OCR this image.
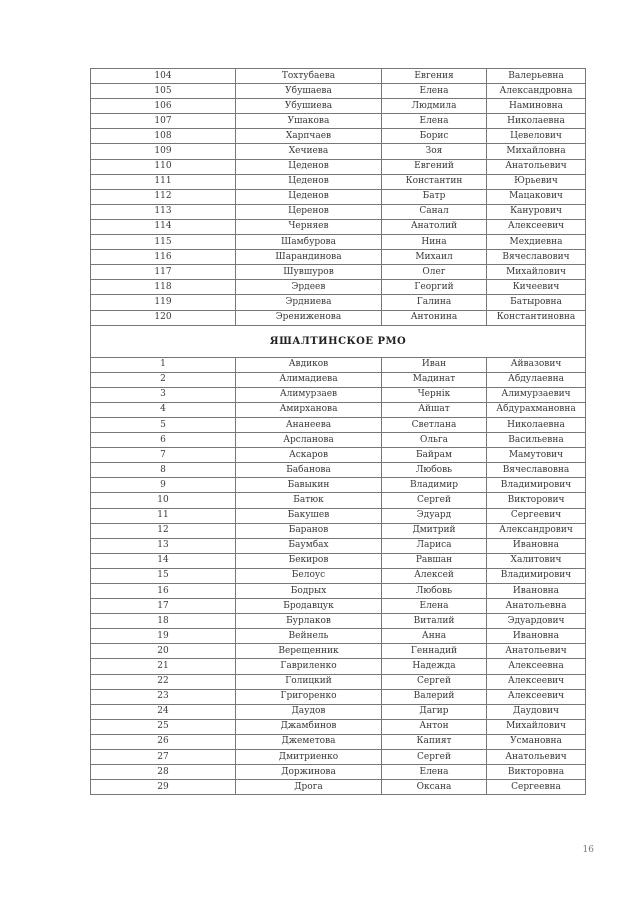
104	Тохтубаева	Евгения	Валерьевна
105	Убушаева	Елена	Александровна
106	Убушиева	Людмила	Наминовна
107	Ушакова	Елена	Николаевна
108	Харпчаев	Борис	Цевелович
109	Хечиева	Зоя	Михайловна
110	Цеденов	Евгений	Анатольевич
111	Цеденов	Константин	Юрьевич
112	Цеденов	Батр	Мацакович
113	Церенов	Санал	Канурович
114	Черняев	Анатолий	Алексеевич
115	Шамбурова	Нина	Мехдиевна
116	Шарандинова	Михаил	Вячеславович
117	Шувшуров	Олег	Михайлович
118	Эрдеев	Георгий	Кичеевич
119	Эрдниева	Галина	Батыровна
120	Эрениженова	Антонина	Константиновна
ЯШАЛТИНСКОЕ РМО			
1	Авдиков	Иван	Айвазович
2	Алимадиева	Мадинат	Абдулаевна
3	Алимурзаев	Чернік	Алимурзаевич
4	Амирханова	Айшат	Абдурахмановна
5	Ананеева	Светлана	Николаевна
6	Арсланова	Ольга	Васильевна
7	Аскаров	Байрам	Мамутович
8	Бабанова	Любовь	Вячеславовна
9	Бавыкин	Владимир	Владимирович
10	Батюк	Сергей	Викторович
11	Бакушев	Эдуард	Сергеевич
12	Баранов	Дмитрий	Александрович
13	Баумбах	Лариса	Ивановна
14	Бекиров	Равшан	Халитович
15	Белоус	Алексей	Владимирович
16	Бодрых	Любовь	Ивановна
17	Бродавцук	Елена	Анатольевна
18	Бурлаков	Виталий	Эдуардович
19	Вейнель	Анна	Ивановна
20	Верещенник	Геннадий	Анатольевич
21	Гавриленко	Надежда	Алексеевна
22	Голицкий	Сергей	Алексеевич
23	Григоренко	Валерий	Алексеевич
24	Даудов	Дагир	Даудович
25	Джамбинов	Антон	Михайлович
26	Джеметова	Капият	Усмановна
27	Дмитриенко	Сергей	Анатольевич
28	Доржинова	Елена	Викторовна
29	Дрога	Оксана	Сергеевна
16
